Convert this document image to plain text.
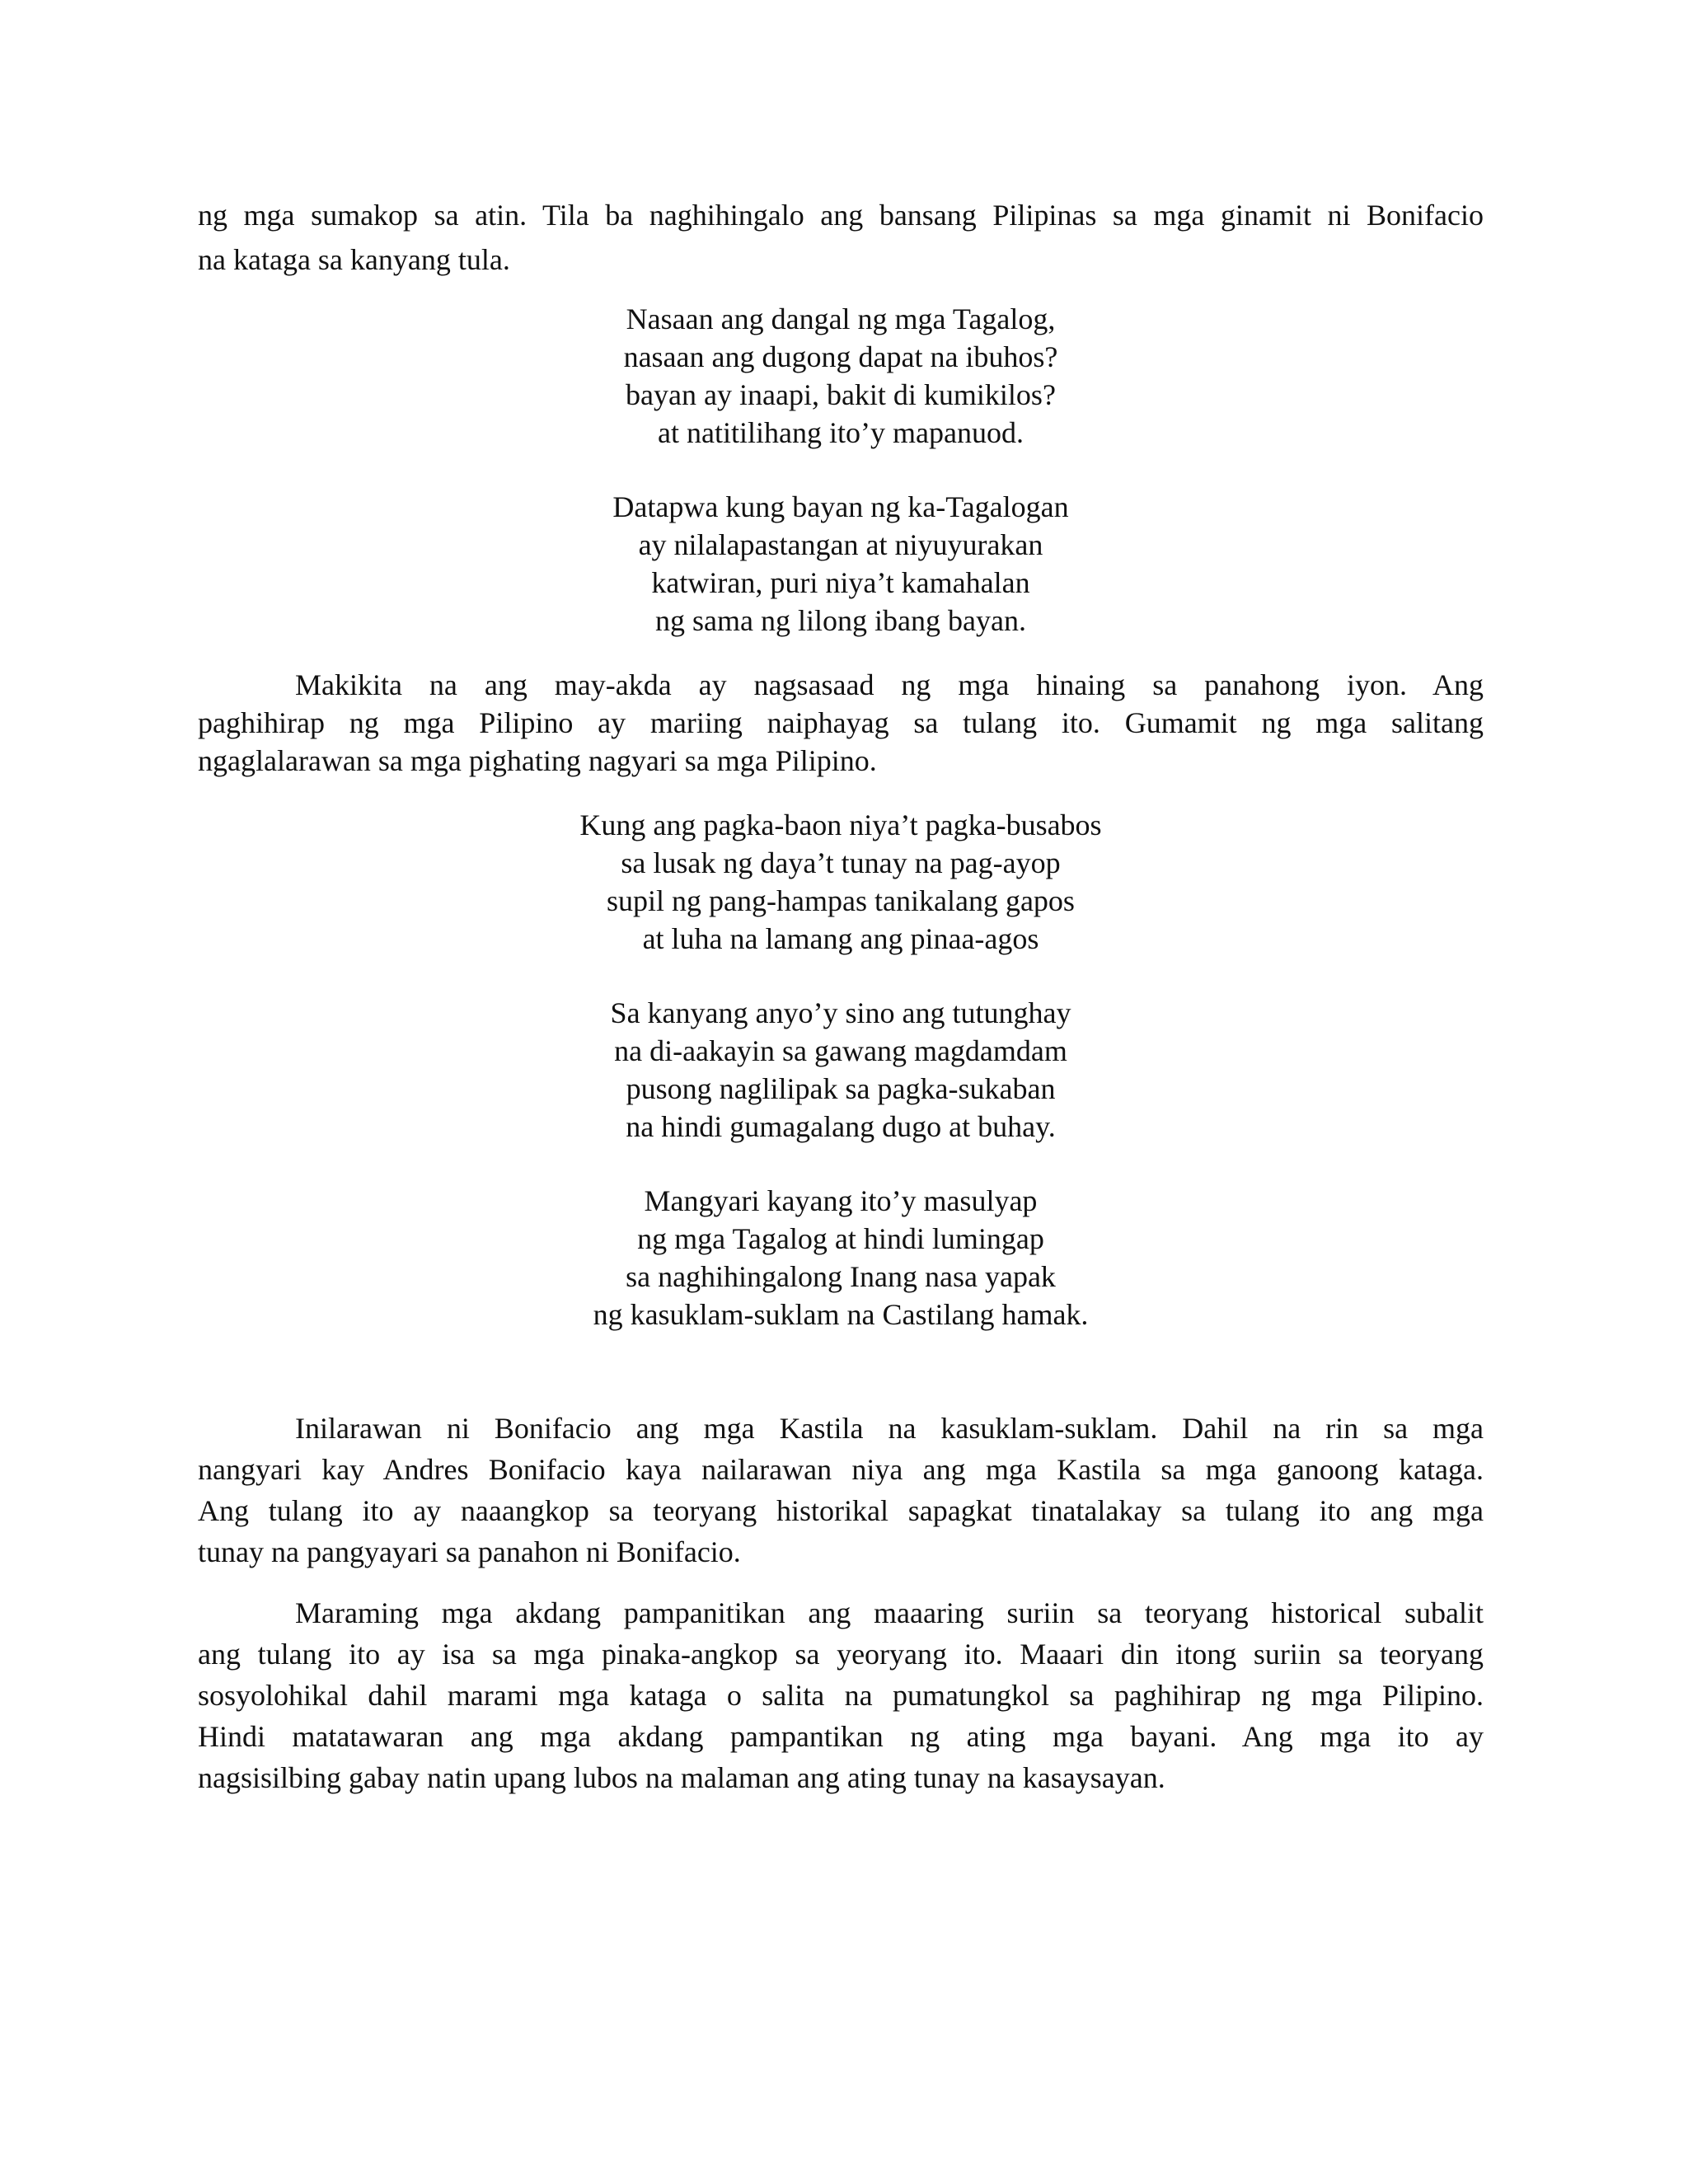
ng mga sumakop sa atin. Tila ba naghihingalo ang bansang Pilipinas sa mga ginamit ni Bonifacio
na kataga sa kanyang tula.

Nasaan ang dangal ng mga Tagalog,
nasaan ang dugong dapat na ibuhos?
bayan ay inaapi, bakit di kumikilos?
at natitilihang ito’y mapanuod.
Datapwa kung bayan ng ka-Tagalogan
ay nilalapastangan at niyuyurakan
katwiran, puri niya’t kamahalan
ng sama ng lilong ibang bayan.

Makikita na ang may-akda ay nagsasaad ng mga hinaing sa panahong iyon. Ang
paghihirap ng mga Pilipino ay mariing naiphayag sa tulang ito. Gumamit ng mga salitang
ngaglalarawan sa mga pighating nagyari sa mga Pilipino.

Kung ang pagka-baon niya’t pagka-busabos
sa lusak ng daya’t tunay na pag-ayop
supil ng pang-hampas tanikalang gapos
at luha na lamang ang pinaa-agos
Sa kanyang anyo’y sino ang tutunghay
na di-aakayin sa gawang magdamdam
pusong naglilipak sa pagka-sukaban
na hindi gumagalang dugo at buhay.
Mangyari kayang ito’y masulyap
ng mga Tagalog at hindi lumingap
sa naghihingalong Inang nasa yapak
ng kasuklam-suklam na Castilang hamak.

Inilarawan ni Bonifacio ang mga Kastila na kasuklam-suklam. Dahil na rin sa mga
nangyari kay Andres Bonifacio kaya nailarawan niya ang mga Kastila sa mga ganoong kataga.
Ang tulang ito ay naaangkop sa teoryang historikal sapagkat tinatalakay sa tulang ito ang mga
tunay na pangyayari sa panahon ni Bonifacio.

Maraming mga akdang pampanitikan ang maaaring suriin sa teoryang historical subalit
ang tulang ito ay isa sa mga pinaka-angkop sa yeoryang ito. Maaari din itong suriin sa teoryang
sosyolohikal dahil marami mga kataga o salita na pumatungkol sa paghihirap ng mga Pilipino.
Hindi matatawaran ang mga akdang pampantikan ng ating mga bayani. Ang mga ito ay
nagsisilbing gabay natin upang lubos na malaman ang ating tunay na kasaysayan.
